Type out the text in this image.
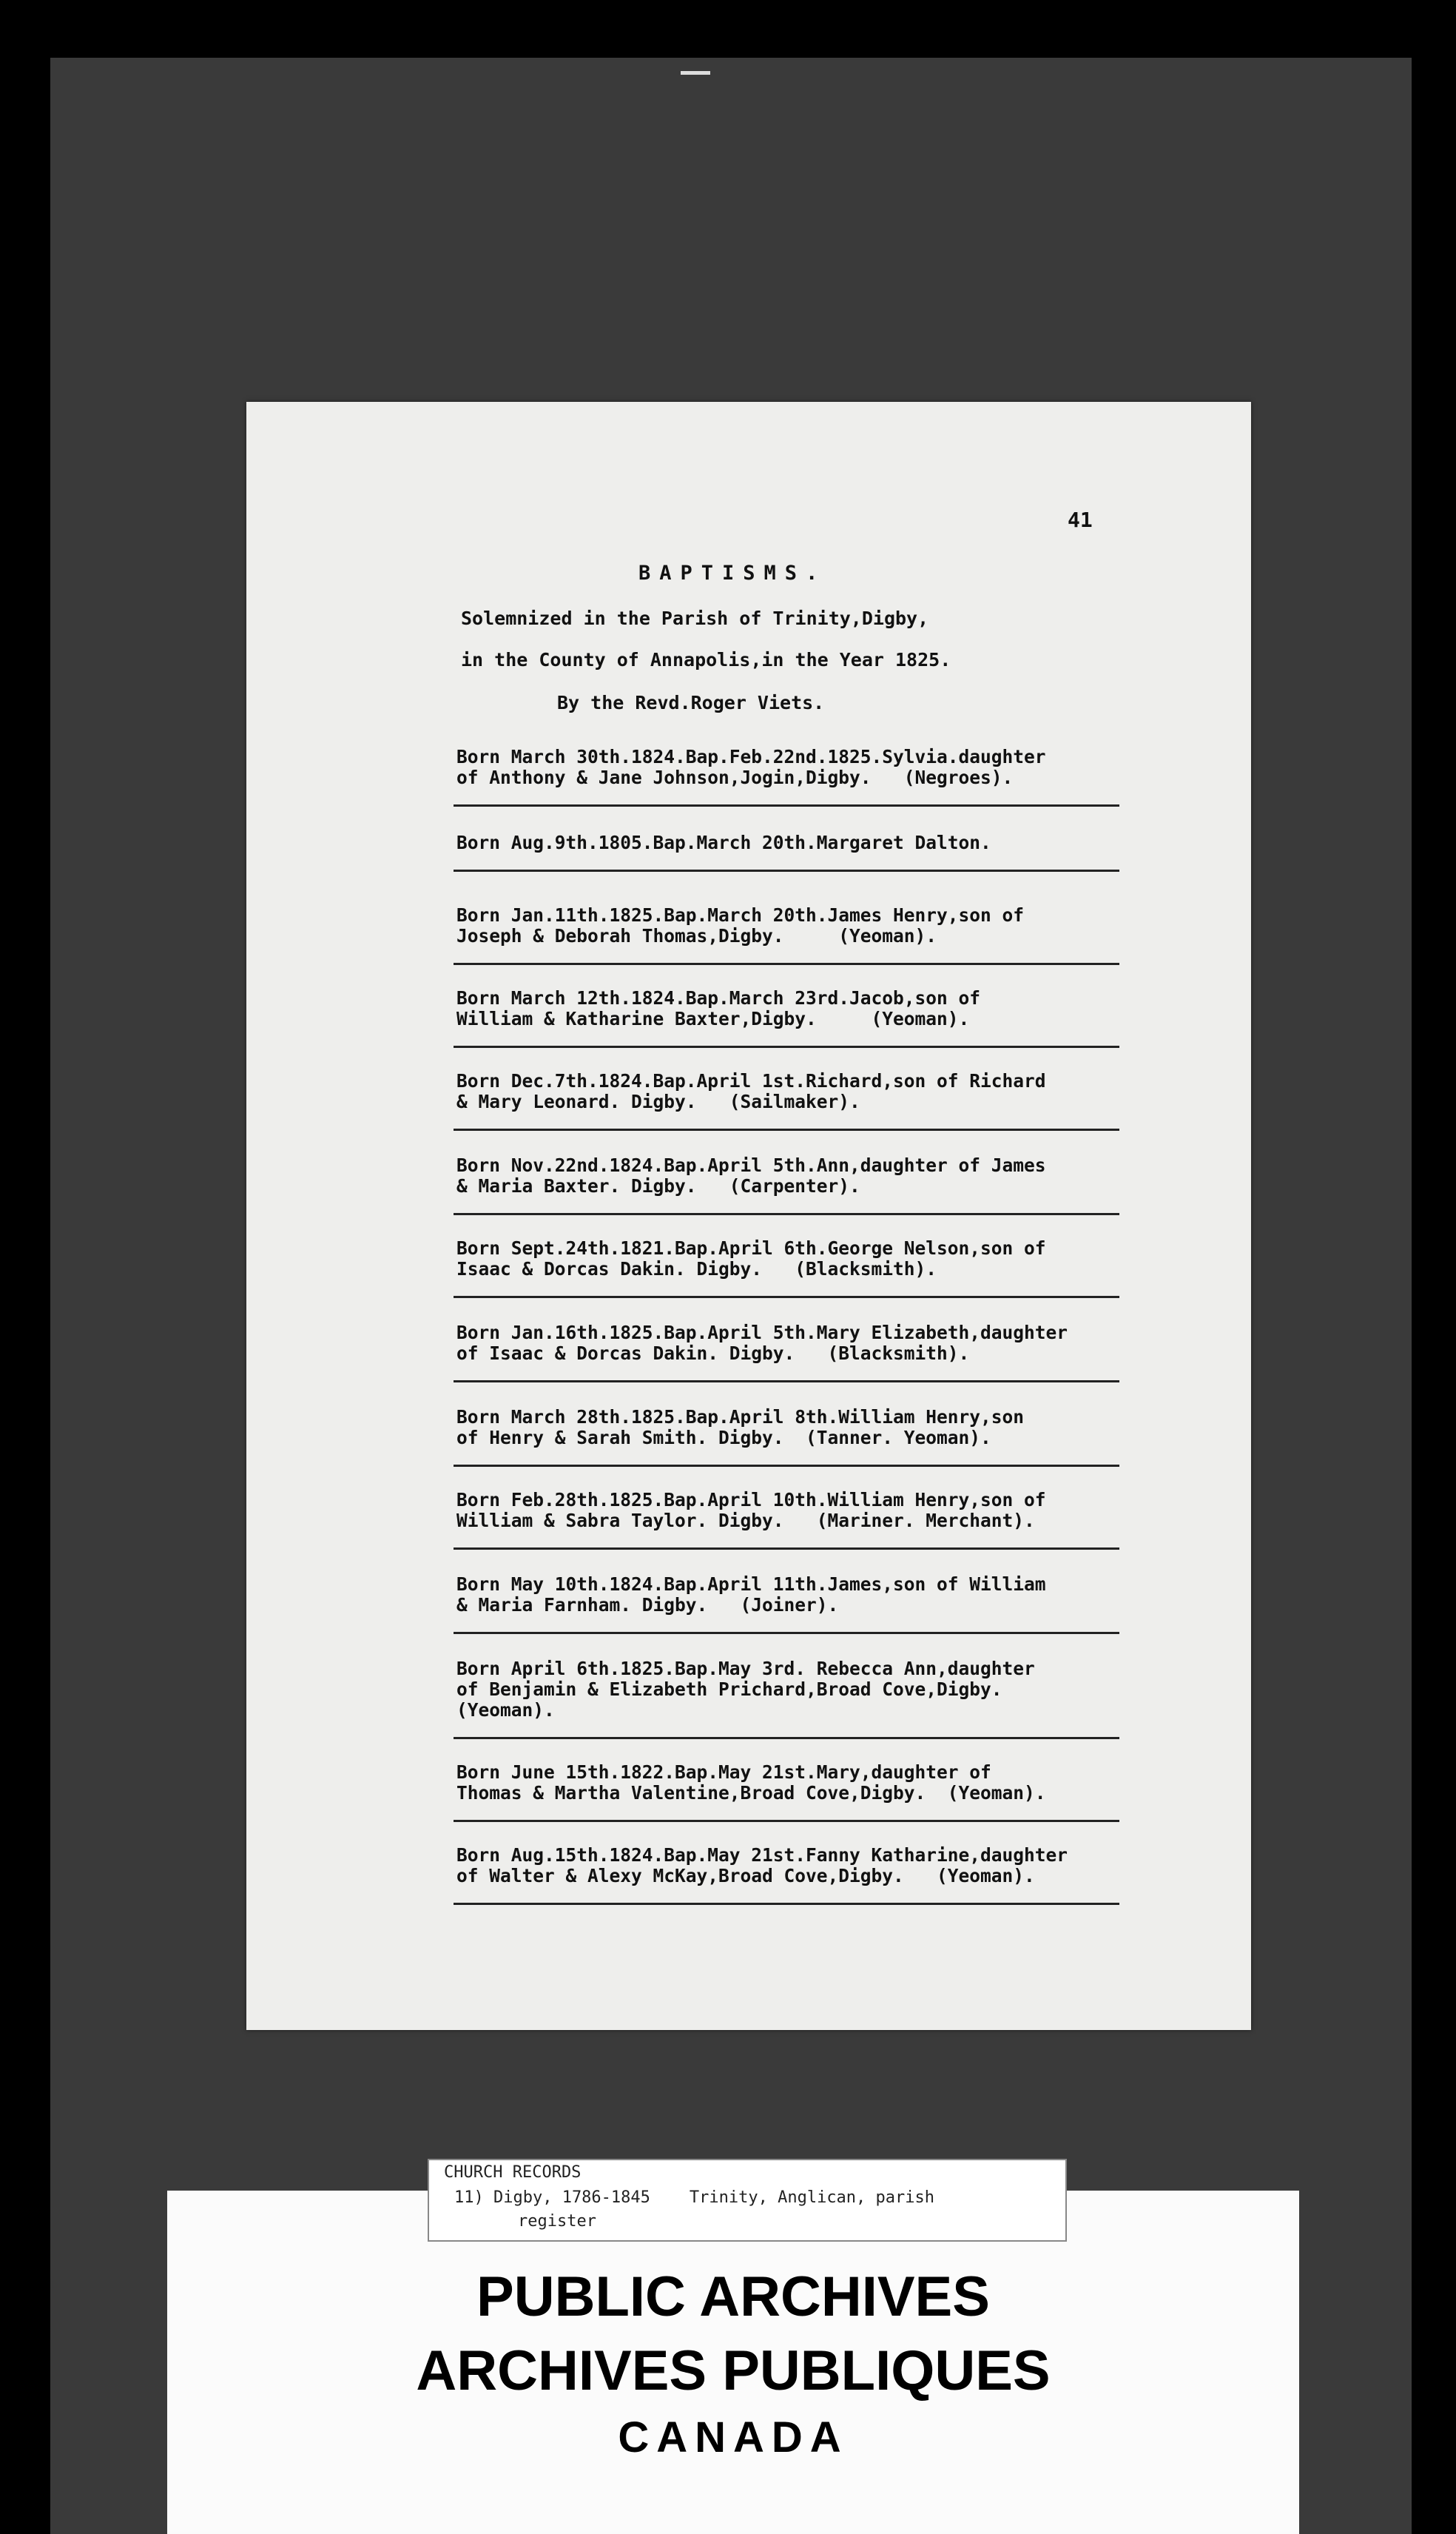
41
BAPTISMS.
Solemnized in the Parish of Trinity,Digby,
in the County of Annapolis,in the Year 1825.
By the Revd.Roger Viets.
Born March 30th.1824.Bap.Feb.22nd.1825.Sylvia.daughter
of Anthony & Jane Johnson,Jogin,Digby.   (Negroes).
Born Aug.9th.1805.Bap.March 20th.Margaret Dalton.
Born Jan.11th.1825.Bap.March 20th.James Henry,son of
Joseph & Deborah Thomas,Digby.     (Yeoman).
Born March 12th.1824.Bap.March 23rd.Jacob,son of
William & Katharine Baxter,Digby.     (Yeoman).
Born Dec.7th.1824.Bap.April 1st.Richard,son of Richard
& Mary Leonard. Digby.   (Sailmaker).
Born Nov.22nd.1824.Bap.April 5th.Ann,daughter of James
& Maria Baxter. Digby.   (Carpenter).
Born Sept.24th.1821.Bap.April 6th.George Nelson,son of
Isaac & Dorcas Dakin. Digby.   (Blacksmith).
Born Jan.16th.1825.Bap.April 5th.Mary Elizabeth,daughter
of Isaac & Dorcas Dakin. Digby.   (Blacksmith).
Born March 28th.1825.Bap.April 8th.William Henry,son
of Henry & Sarah Smith. Digby.  (Tanner. Yeoman).
Born Feb.28th.1825.Bap.April 10th.William Henry,son of
William & Sabra Taylor. Digby.   (Mariner. Merchant).
Born May 10th.1824.Bap.April 11th.James,son of William
& Maria Farnham. Digby.   (Joiner).
Born April 6th.1825.Bap.May 3rd. Rebecca Ann,daughter
of Benjamin & Elizabeth Prichard,Broad Cove,Digby.
(Yeoman).
Born June 15th.1822.Bap.May 21st.Mary,daughter of
Thomas & Martha Valentine,Broad Cove,Digby.  (Yeoman).
Born Aug.15th.1824.Bap.May 21st.Fanny Katharine,daughter
of Walter & Alexy McKay,Broad Cove,Digby.   (Yeoman).
PUBLIC ARCHIVES
ARCHIVES PUBLIQUES
CANADA
CHURCH RECORDS
11) Digby, 1786-1845    Trinity, Anglican, parish
register
